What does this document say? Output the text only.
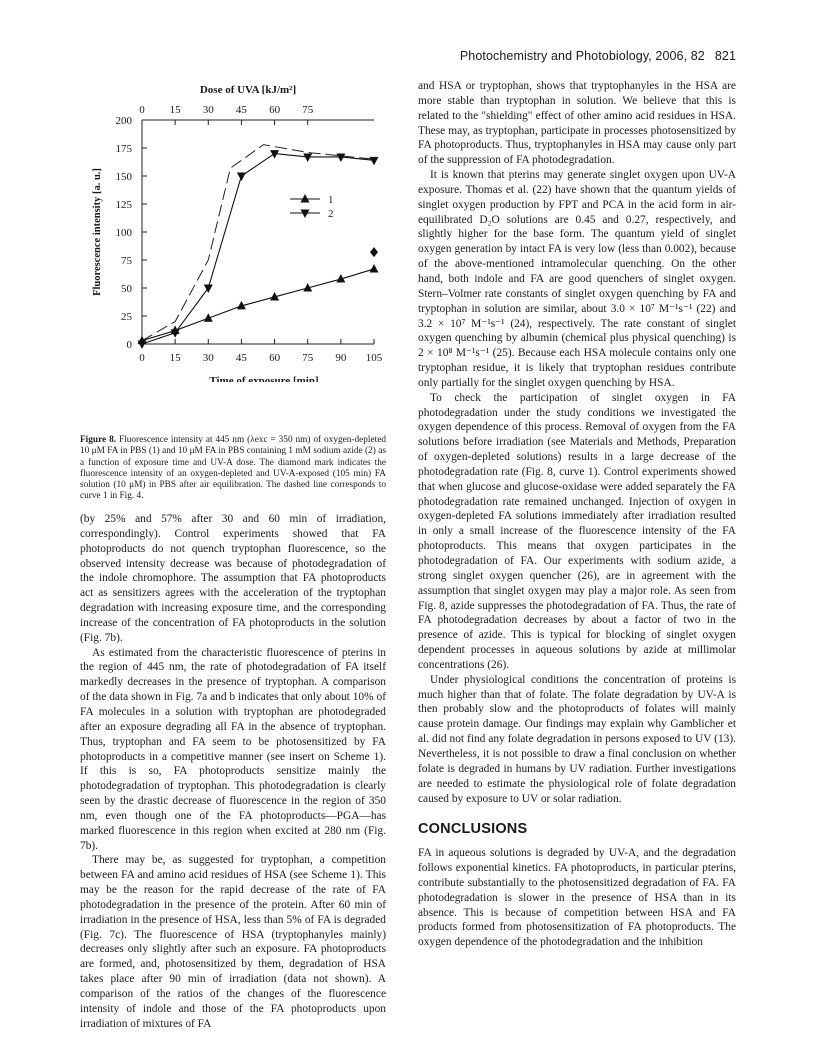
Photochemistry and Photobiology, 2006, 82 821
Dose of UVA [kJ/m²]
0
25
50
75
100
125
150
175
200
0 15 30 45 60 75 90 105
0 15 30 45 60 75
Time of exposure [min]
Fluorescence intensity [a. u.]	1
2
Figure 8. Fluorescence intensity at 445 nm (λexc = 350 nm) of oxygen-depleted 10 μM FA in PBS (1) and 10 μM FA in PBS containing 1 mM sodium azide (2) as a function of exposure time and UV-A dose. The diamond mark indicates the fluorescence intensity of an oxygen-depleted and UV-A-exposed (105 min) FA solution (10 μM) in PBS after air equilibration. The dashed line corresponds to curve 1 in Fig. 4.

(by 25% and 57% after 30 and 60 min of irradiation, correspondingly). Control experiments showed that FA photoproducts do not quench tryptophan fluorescence, so the observed intensity decrease was because of photodegradation of the indole chromophore. The assumption that FA photoproducts act as sensitizers agrees with the acceleration of the tryptophan degradation with increasing exposure time, and the corresponding increase of the concentration of FA photoproducts in the solution (Fig. 7b).

As estimated from the characteristic fluorescence of pterins in the region of 445 nm, the rate of photodegradation of FA itself markedly decreases in the presence of tryptophan. A comparison of the data shown in Fig. 7a and b indicates that only about 10% of FA molecules in a solution with tryptophan are photodegraded after an exposure degrading all FA in the absence of tryptophan. Thus, tryptophan and FA seem to be photosensitized by FA photoproducts in a competitive manner (see insert on Scheme 1). If this is so, FA photoproducts sensitize mainly the photodegradation of tryptophan. This photodegradation is clearly seen by the drastic decrease of fluorescence in the region of 350 nm, even though one of the FA photoproducts—PGA—has marked fluorescence in this region when excited at 280 nm (Fig. 7b).

There may be, as suggested for tryptophan, a competition between FA and amino acid residues of HSA (see Scheme 1). This may be the reason for the rapid decrease of the rate of FA photodegradation in the presence of the protein. After 60 min of irradiation in the presence of HSA, less than 5% of FA is degraded (Fig. 7c). The fluorescence of HSA (tryptophanyles mainly) decreases only slightly after such an exposure. FA photoproducts are formed, and, photosensitized by them, degradation of HSA takes place after 90 min of irradiation (data not shown). A comparison of the ratios of the changes of the fluorescence intensity of indole and those of the FA photoproducts upon irradiation of mixtures of FA

and HSA or tryptophan, shows that tryptophanyles in the HSA are more stable than tryptophan in solution. We believe that this is related to the "shielding" effect of other amino acid residues in HSA. These may, as tryptophan, participate in processes photosensitized by FA photoproducts. Thus, tryptophanyles in HSA may cause only part of the suppression of FA photodegradation.

It is known that pterins may generate singlet oxygen upon UV-A exposure. Thomas et al. (22) have shown that the quantum yields of singlet oxygen production by FPT and PCA in the acid form in air-equilibrated D₂O solutions are 0.45 and 0.27, respectively, and slightly higher for the base form. The quantum yield of singlet oxygen generation by intact FA is very low (less than 0.002), because of the above-mentioned intramolecular quenching. On the other hand, both indole and FA are good quenchers of singlet oxygen. Stern–Volmer rate constants of singlet oxygen quenching by FA and tryptophan in solution are similar, about 3.0 × 10⁷ M⁻¹s⁻¹ (22) and 3.2 × 10⁷ M⁻¹s⁻¹ (24), respectively. The rate constant of singlet oxygen quenching by albumin (chemical plus physical quenching) is 2 × 10⁸ M⁻¹s⁻¹ (25). Because each HSA molecule contains only one tryptophan residue, it is likely that tryptophan residues contribute only partially for the singlet oxygen quenching by HSA.

To check the participation of singlet oxygen in FA photodegradation under the study conditions we investigated the oxygen dependence of this process. Removal of oxygen from the FA solutions before irradiation (see Materials and Methods, Preparation of oxygen-depleted solutions) results in a large decrease of the photodegradation rate (Fig. 8, curve 1). Control experiments showed that when glucose and glucose-oxidase were added separately the FA photodegradation rate remained unchanged. Injection of oxygen in oxygen-depleted FA solutions immediately after irradiation resulted in only a small increase of the fluorescence intensity of the FA photoproducts. This means that oxygen participates in the photodegradation of FA. Our experiments with sodium azide, a strong singlet oxygen quencher (26), are in agreement with the assumption that singlet oxygen may play a major role. As seen from Fig. 8, azide suppresses the photodegradation of FA. Thus, the rate of FA photodegradation decreases by about a factor of two in the presence of azide. This is typical for blocking of singlet oxygen dependent processes in aqueous solutions by azide at millimolar concentrations (26).

Under physiological conditions the concentration of proteins is much higher than that of folate. The folate degradation by UV-A is then probably slow and the photoproducts of folates will mainly cause protein damage. Our findings may explain why Gamblicher et al. did not find any folate degradation in persons exposed to UV (13). Nevertheless, it is not possible to draw a final conclusion on whether folate is degraded in humans by UV radiation. Further investigations are needed to estimate the physiological role of folate degradation caused by exposure to UV or solar radiation.

CONCLUSIONS

FA in aqueous solutions is degraded by UV-A, and the degradation follows exponential kinetics. FA photoproducts, in particular pterins, contribute substantially to the photosensitized degradation of FA. FA photodegradation is slower in the presence of HSA than in its absence. This is because of competition between HSA and FA products formed from photosensitization of FA photoproducts. The oxygen dependence of the photodegradation and the inhibition
